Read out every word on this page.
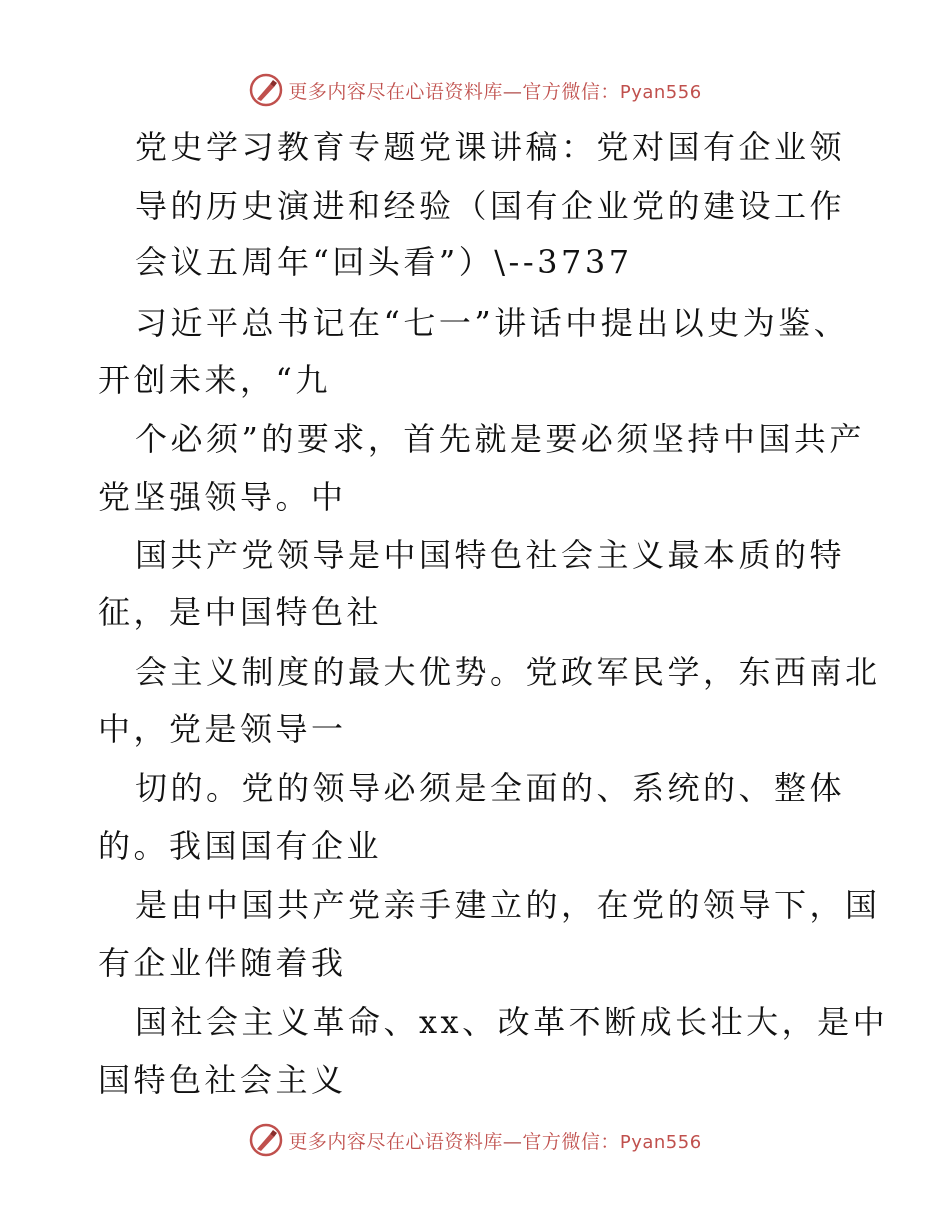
更多内容尽在心语资料库—官方微信：Pyan556
党史学习教育专题党课讲稿：党对国有企业领
导的历史演进和经验（国有企业党的建设工作
会议五周年“回头看”）\--3737
习近平总书记在“七一”讲话中提出以史为鉴、
开创未来，“九
个必须”的要求，首先就是要必须坚持中国共产
党坚强领导。中
国共产党领导是中国特色社会主义最本质的特
征，是中国特色社
会主义制度的最大优势。党政军民学，东西南北
中，党是领导一
切的。党的领导必须是全面的、系统的、整体
的。我国国有企业
是由中国共产党亲手建立的，在党的领导下，国
有企业伴随着我
国社会主义革命、xx、改革不断成长壮大，是中
国特色社会主义
更多内容尽在心语资料库—官方微信：Pyan556
